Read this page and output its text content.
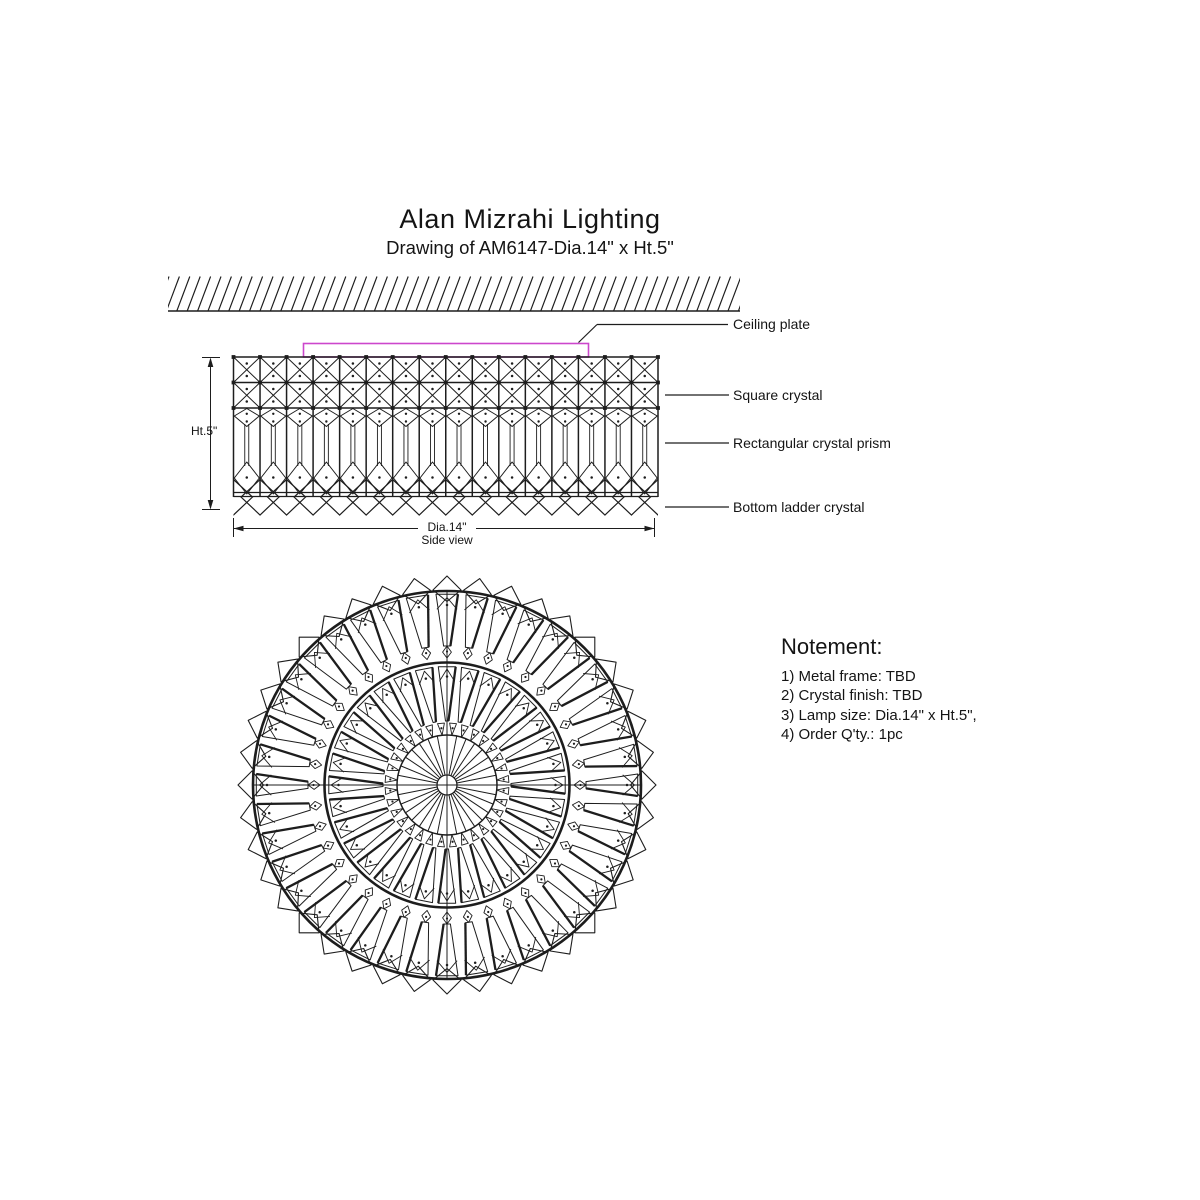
Alan Mizrahi Lighting
Drawing of AM6147-Dia.14" x Ht.5"
Ceiling plate
Square crystal
Rectangular crystal prism
Bottom ladder crystal
Ht.5"
Dia.14"
Side view
Notement:
1) Metal frame: TBD
2) Crystal finish: TBD
3) Lamp size: Dia.14" x Ht.5",
4) Order Q'ty.: 1pc
